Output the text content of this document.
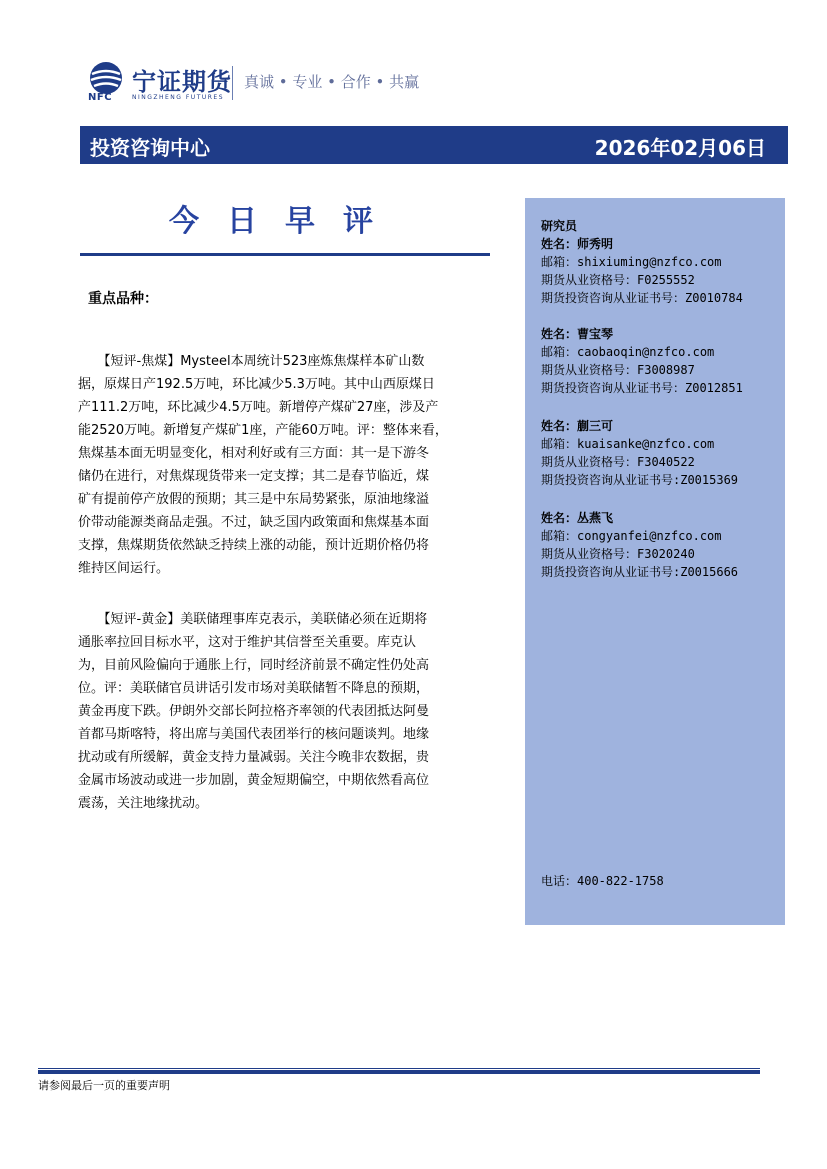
宁证期货
NFC	NINGZHENG FUTURES
真诚 • 专业 • 合作 • 共赢
投资咨询中心	2026年02月06日
今日早评
重点品种：
　　【短评-焦煤】Mysteel本周统计523座炼焦煤样本矿山数
据，原煤日产192.5万吨，环比减少5.3万吨。其中山西原煤日
产111.2万吨，环比减少4.5万吨。新增停产煤矿27座，涉及产
能2520万吨。新增复产煤矿1座，产能60万吨。评：整体来看，
焦煤基本面无明显变化，相对利好或有三方面：其一是下游冬
储仍在进行，对焦煤现货带来一定支撑；其二是春节临近，煤
矿有提前停产放假的预期；其三是中东局势紧张，原油地缘溢
价带动能源类商品走强。不过，缺乏国内政策面和焦煤基本面
支撑，焦煤期货依然缺乏持续上涨的动能，预计近期价格仍将
维持区间运行。
　　【短评-黄金】美联储理事库克表示，美联储必须在近期将
通胀率拉回目标水平，这对于维护其信誉至关重要。库克认
为，目前风险偏向于通胀上行，同时经济前景不确定性仍处高
位。评：美联储官员讲话引发市场对美联储暂不降息的预期，
黄金再度下跌。伊朗外交部长阿拉格齐率领的代表团抵达阿曼
首都马斯喀特，将出席与美国代表团举行的核问题谈判。地缘
扰动或有所缓解，黄金支持力量减弱。关注今晚非农数据，贵
金属市场波动或进一步加剧，黄金短期偏空，中期依然看高位
震荡，关注地缘扰动。
研究员
姓名：师秀明
邮箱：shixiuming@nzfco.com
期货从业资格号：F0255552
期货投资咨询从业证书号：Z0010784
姓名：曹宝琴
邮箱：caobaoqin@nzfco.com
期货从业资格号：F3008987
期货投资咨询从业证书号：Z0012851
姓名：蒯三可
邮箱：kuaisanke@nzfco.com
期货从业资格号：F3040522
期货投资咨询从业证书号:Z0015369
姓名：丛燕飞
邮箱：congyanfei@nzfco.com
期货从业资格号：F3020240
期货投资咨询从业证书号:Z0015666
电话：400-822-1758
请参阅最后一页的重要声明
